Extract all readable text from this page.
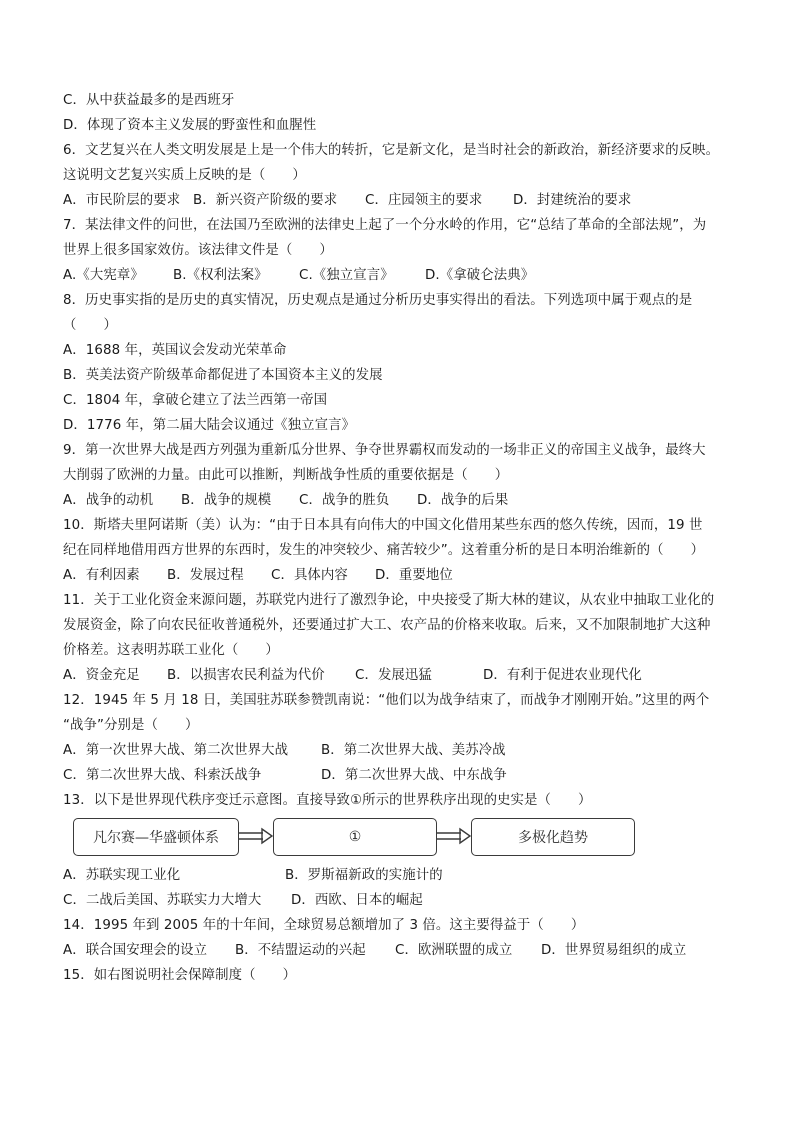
C．从中获益最多的是西班牙
D．体现了资本主义发展的野蛮性和血腥性
6．文艺复兴在人类文明发展是上是一个伟大的转折，它是新文化，是当时社会的新政治，新经济要求的反映。
这说明文艺复兴实质上反映的是（　　）
A．市民阶层的要求 B．新兴资产阶级的要求	C．庄园领主的要求	D．封建统治的要求
7．某法律文件的问世，在法国乃至欧洲的法律史上起了一个分水岭的作用，它“总结了革命的全部法规”，为
世界上很多国家效仿。该法律文件是（　　）
A.《大宪章》	B.《权利法案》	C.《独立宣言》	D.《拿破仑法典》
8．历史事实指的是历史的真实情况，历史观点是通过分析历史事实得出的看法。下列选项中属于观点的是
（　　）
A．1688 年，英国议会发动光荣革命
B．英美法资产阶级革命都促进了本国资本主义的发展
C．1804 年，拿破仑建立了法兰西第一帝国
D．1776 年，第二届大陆会议通过《独立宣言》
9．第一次世界大战是西方列强为重新瓜分世界、争夺世界霸权而发动的一场非正义的帝国主义战争，最终大
大削弱了欧洲的力量。由此可以推断，判断战争性质的重要依据是（　　）
A．战争的动机	B．战争的规模	C．战争的胜负	D．战争的后果
10．斯塔夫里阿诺斯（美）认为：“由于日本具有向伟大的中国文化借用某些东西的悠久传统，因而，19 世
纪在同样地借用西方世界的东西时，发生的冲突较少、痛苦较少”。这着重分析的是日本明治维新的（　　）
A．有利因素	B．发展过程	C．具体内容	D．重要地位
11．关于工业化资金来源问题，苏联党内进行了激烈争论，中央接受了斯大林的建议，从农业中抽取工业化的
发展资金，除了向农民征收普通税外，还要通过扩大工、农产品的价格来收取。后来，又不加限制地扩大这种
价格差。这表明苏联工业化（　　）
A．资金充足	B．以损害农民利益为代价	C．发展迅猛	D．有利于促进农业现代化
12．1945 年 5 月 18 日，美国驻苏联参赞凯南说：“他们以为战争结束了，而战争才刚刚开始。”这里的两个
“战争”分别是（　　）
A．第一次世界大战、第二次世界大战	B．第二次世界大战、美苏冷战
C．第二次世界大战、科索沃战争	D．第二次世界大战、中东战争
13．以下是世界现代秩序变迁示意图。直接导致①所示的世界秩序出现的史实是（　　）
凡尔赛—华盛顿体系	①	多极化趋势
A．苏联实现工业化	B．罗斯福新政的实施计的
C．二战后美国、苏联实力大增大	D．西欧、日本的崛起
14．1995 年到 2005 年的十年间，全球贸易总额增加了 3 倍。这主要得益于（　　）
A．联合国安理会的设立	B．不结盟运动的兴起	C．欧洲联盟的成立	D．世界贸易组织的成立
15．如右图说明社会保障制度（　　）
